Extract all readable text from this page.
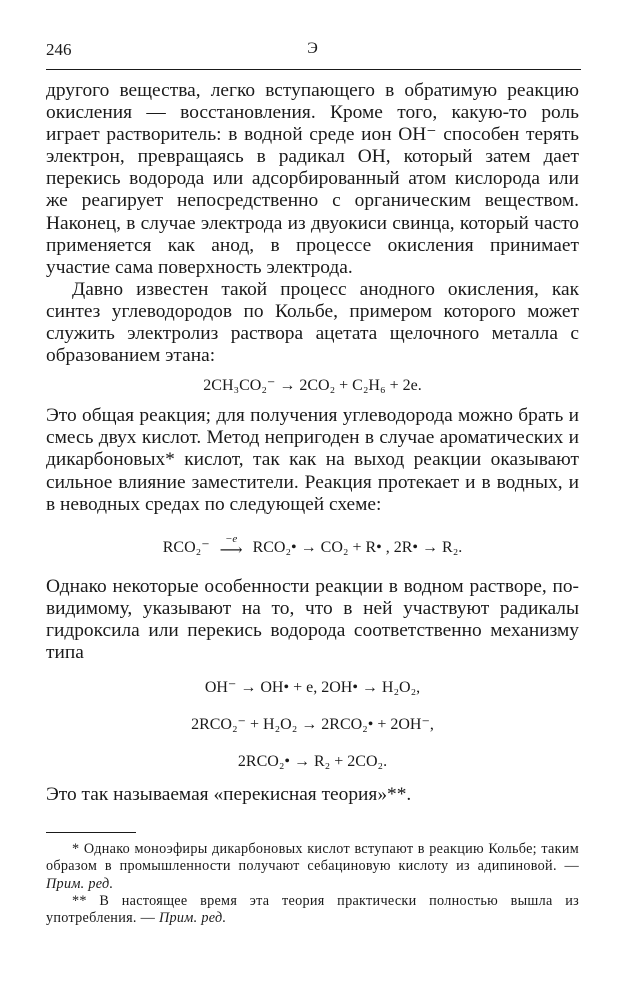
246	Э

другого вещества, легко вступающего в обратимую реакцию окисления — восстановления. Кроме того, какую-то роль играет растворитель: в водной среде ион OH⁻ способен терять электрон, превращаясь в радикал OH, который затем дает перекись водорода или адсорбированный атом кислорода или же реагирует непосредственно с органическим веществом. Наконец, в случае электрода из двуокиси свинца, который часто применяется как анод, в процессе окисления принимает участие сама поверхность электрода.

Давно известен такой процесс анодного окисления, как синтез углеводородов по Кольбе, примером которого может служить электролиз раствора ацетата щелочного металла с образованием этана:

2CH₃CO₂⁻ → 2CO₂ + C₂H₆ + 2e.

Это общая реакция; для получения углеводорода можно брать и смесь двух кислот. Метод непригоден в случае ароматических и дикарбоновых* кислот, так как на выход реакции оказывают сильное влияние заместители. Реакция протекает и в водных, и в неводных средах по следующей схеме:

RCO₂⁻	−e
⟶ RCO₂• → CO₂ + R• , 2R• → R₂.

Однако некоторые особенности реакции в водном растворе, по-видимому, указывают на то, что в ней участвуют радикалы гидроксила или перекись водорода соответственно механизму типа

OH⁻ → OH• + e, 2OH• → H₂O₂,
2RCO₂⁻ + H₂O₂ → 2RCO₂• + 2OH⁻,
2RCO₂• → R₂ + 2CO₂.

Это так называемая «перекисная теория»**.

* Однако моноэфиры дикарбоновых кислот вступают в реакцию Кольбе; таким образом в промышленности получают себациновую кислоту из адипиновой. — Прим. ред.

** В настоящее время эта теория практически полностью вышла из употребления. — Прим. ред.
